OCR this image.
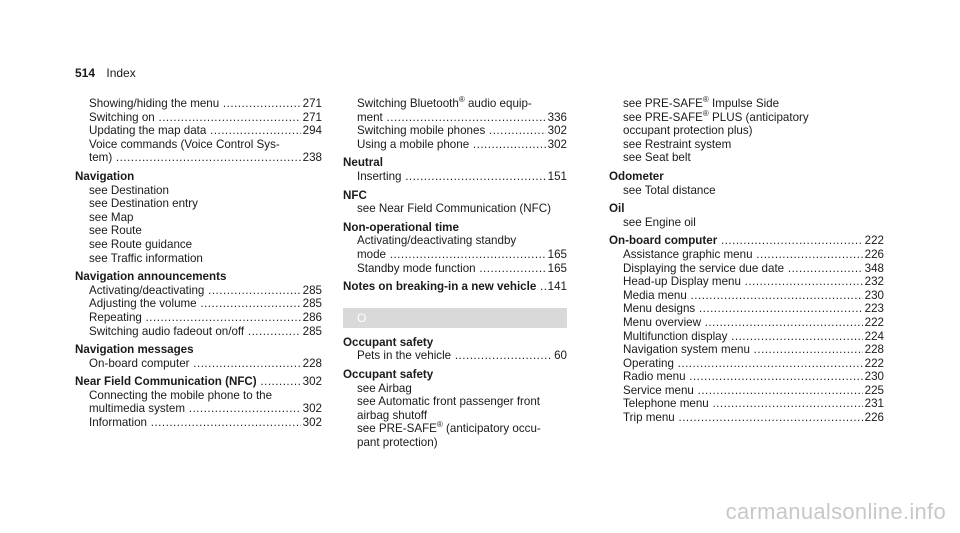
514 Index
Showing/hiding the menu .....	271
Switching on .....	271
Updating the map data .....	294
Voice commands (Voice Control Sys-
tem) .....	238
Navigation
see Destination
see Destination entry
see Map
see Route
see Route guidance
see Traffic information
Navigation announcements
Activating/deactivating .....	285
Adjusting the volume .....	285
Repeating .....	286
Switching audio fadeout on/off .....	285
Navigation messages
On-board computer .....	228
Near Field Communication (NFC) .....	302
Connecting the mobile phone to the
multimedia system .....	302
Information .....	302
Switching Bluetooth® audio equip-
ment .....	336
Switching mobile phones .....	302
Using a mobile phone .....	302
Neutral
Inserting .....	151
NFC
see Near Field Communication (NFC)
Non-operational time
Activating/deactivating standby
mode .....	165
Standby mode function .....	165
Notes on breaking-in a new vehicle ..... 141
O
Occupant safety
Pets in the vehicle .....	60
Occupant safety
see Airbag
see Automatic front passenger front
airbag shutoff
see PRE-SAFE® (anticipatory occu-
pant protection)
see PRE-SAFE® Impulse Side
see PRE-SAFE® PLUS (anticipatory
occupant protection plus)
see Restraint system
see Seat belt
Odometer
see Total distance
Oil
see Engine oil
On-board computer .....	222
Assistance graphic menu .....	226
Displaying the service due date .....	348
Head-up Display menu .....	232
Media menu .....	230
Menu designs .....	223
Menu overview .....	222
Multifunction display .....	224
Navigation system menu .....	228
Operating .....	222
Radio menu .....	230
Service menu .....	225
Telephone menu .....	231
Trip menu .....	226
carmanualsonline.info
